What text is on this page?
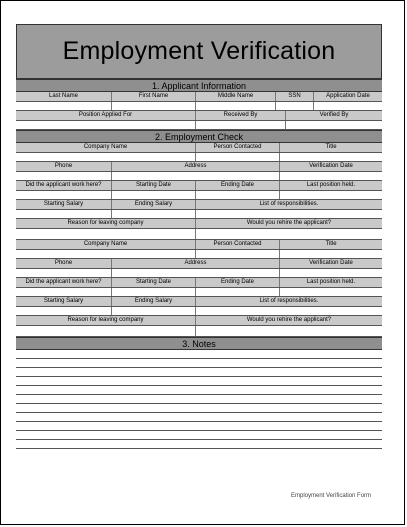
Employment Verification
1. Applicant Information
Last Name	First Name	Middle Name	SSN	Application Date
Position Applied For	Received By	Verified By
2. Employment Check
Company Name	Person Contacted	Title
Phone	Address	Verification Date
Did the applicant work here?	Starting Date	Ending Date	Last position held.
Starting Salary	Ending Salary	List of responsibilities.
Reason for leaving company	Would you rehire the applicant?
Company Name	Person Contacted	Title
Phone	Address	Verification Date
Did the applicant work here?	Starting Date	Ending Date	Last position held.
Starting Salary	Ending Salary	List of responsibilities.
Reason for leaving company	Would you rehire the applicant?
3. Notes
Employment Verification Form
